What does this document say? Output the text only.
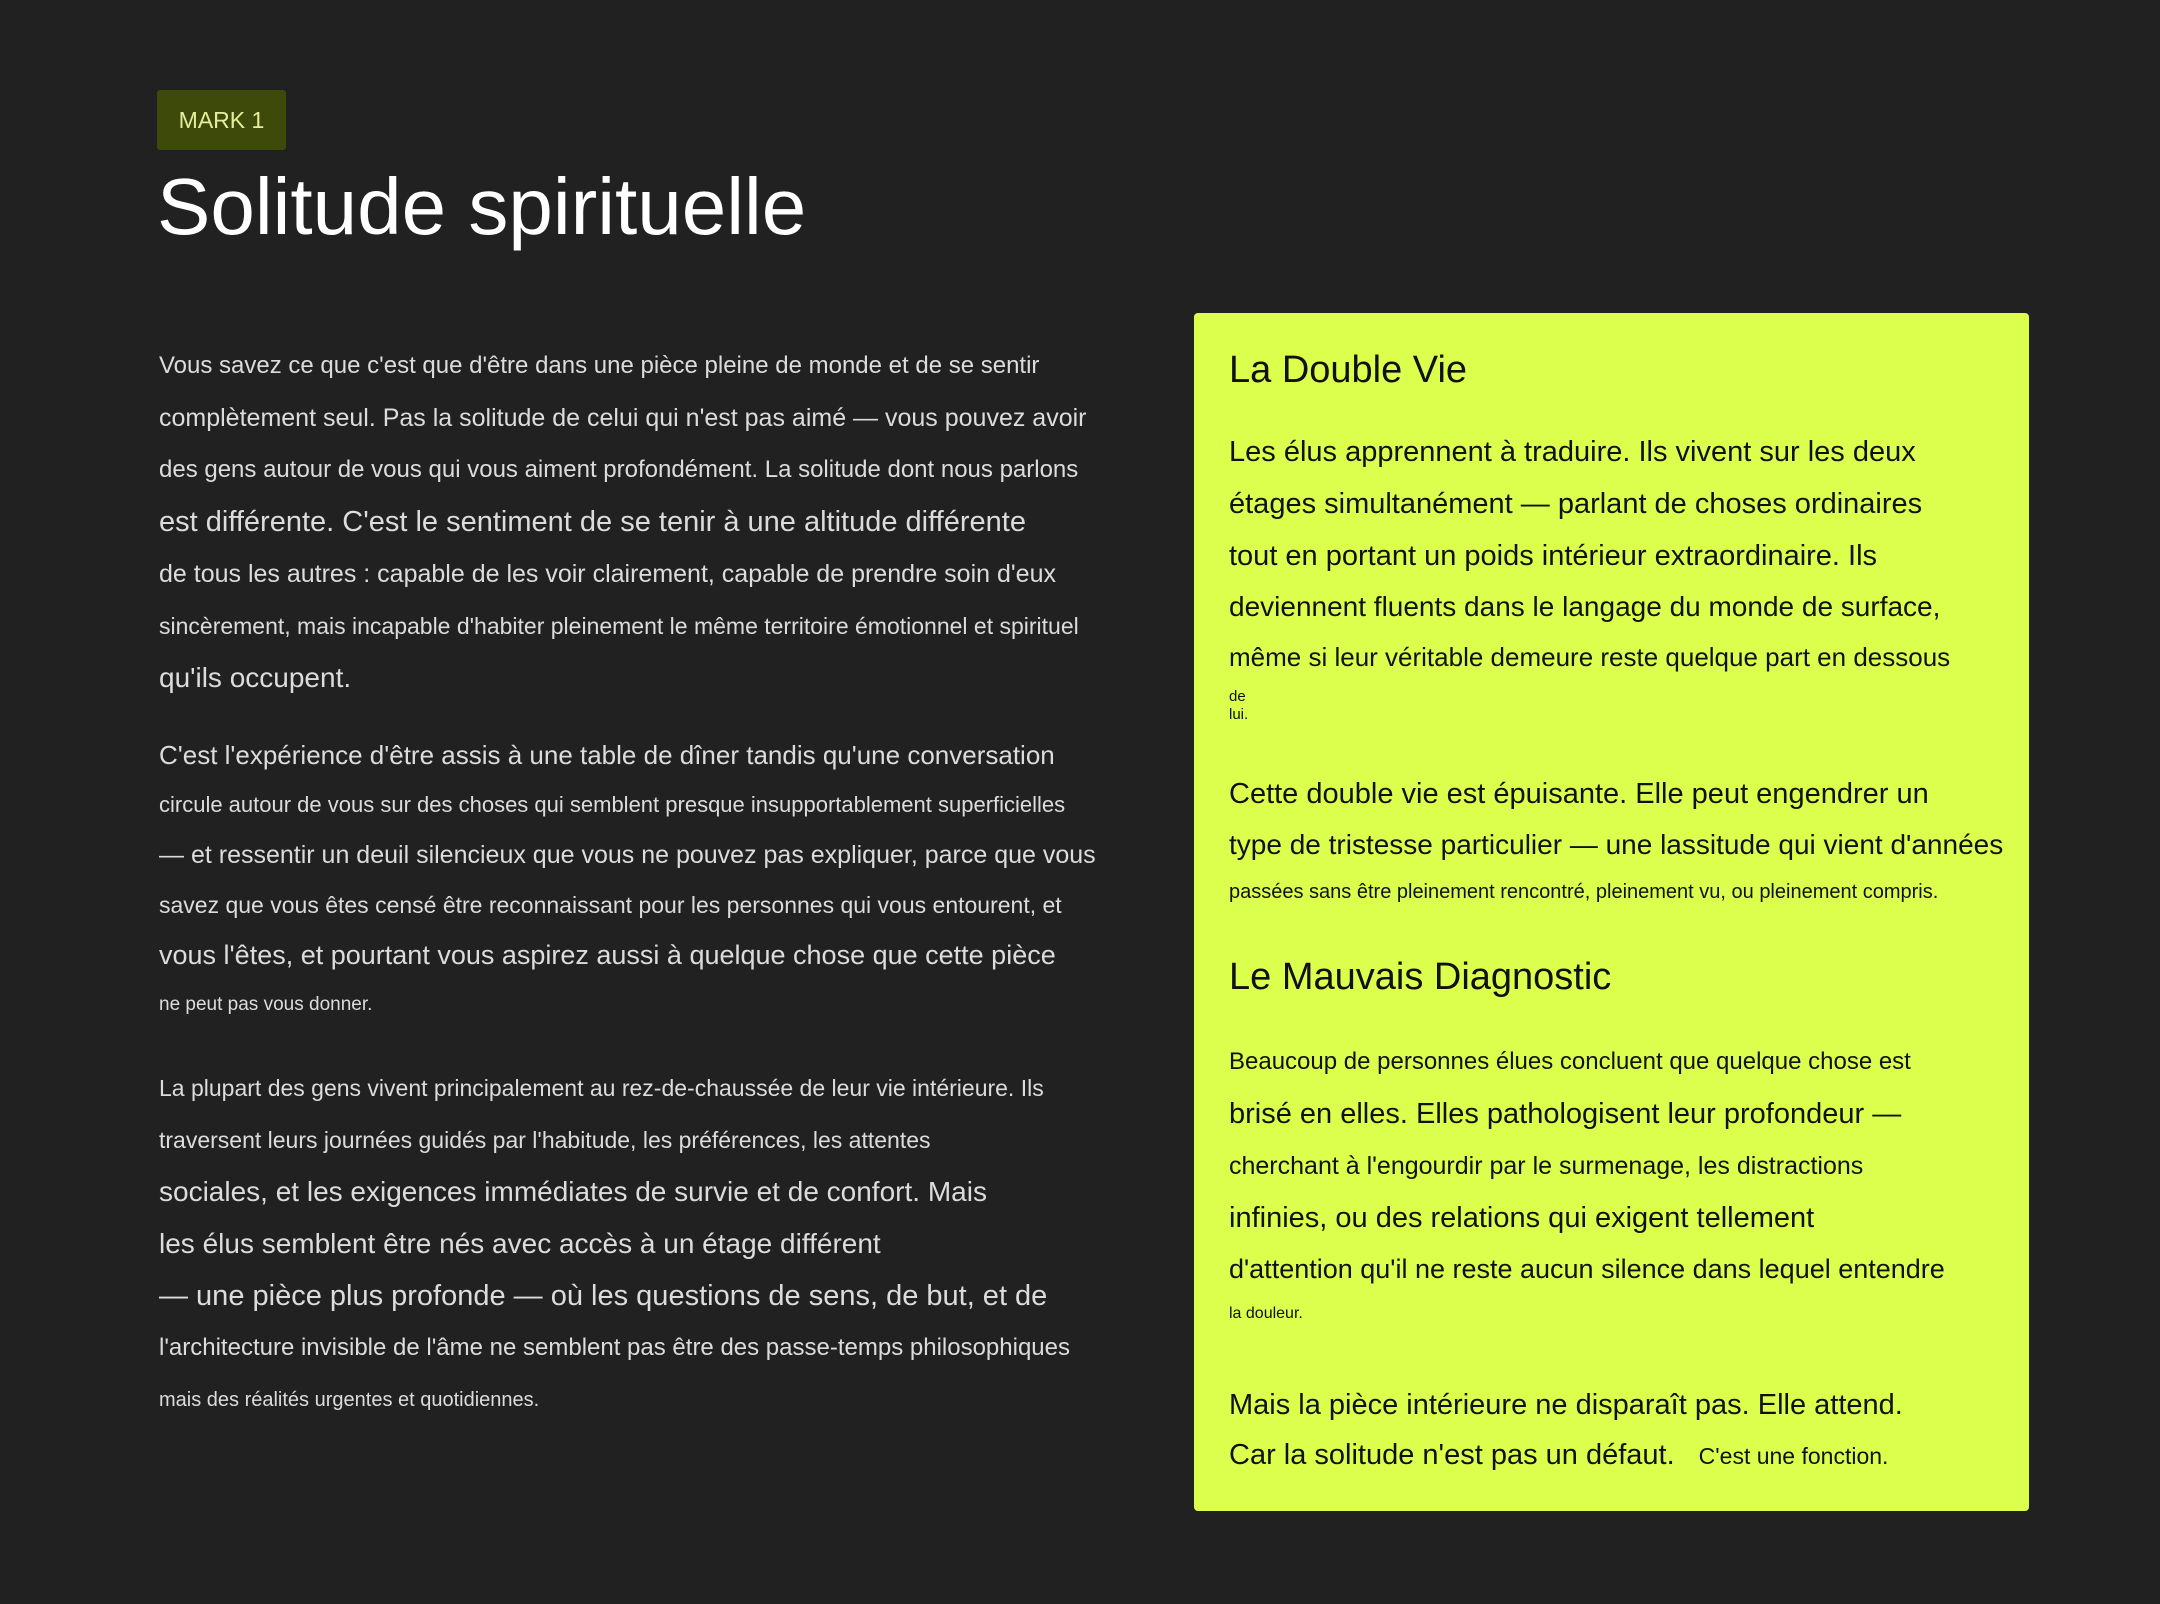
MARK 1
Solitude spirituelle

Vous savez ce que c'est que d'être dans une pièce pleine de monde et de se sentir
complètement seul. Pas la solitude de celui qui n'est pas aimé — vous pouvez avoir
des gens autour de vous qui vous aiment profondément. La solitude dont nous parlons
est différente. C'est le sentiment de se tenir à une altitude différente
de tous les autres : capable de les voir clairement, capable de prendre soin d'eux
sincèrement, mais incapable d'habiter pleinement le même territoire émotionnel et spirituel
qu'ils occupent.

C'est l'expérience d'être assis à une table de dîner tandis qu'une conversation
circule autour de vous sur des choses qui semblent presque insupportablement superficielles
— et ressentir un deuil silencieux que vous ne pouvez pas expliquer, parce que vous
savez que vous êtes censé être reconnaissant pour les personnes qui vous entourent, et
vous l'êtes, et pourtant vous aspirez aussi à quelque chose que cette pièce
ne peut pas vous donner.

La plupart des gens vivent principalement au rez-de-chaussée de leur vie intérieure. Ils
traversent leurs journées guidés par l'habitude, les préférences, les attentes
sociales, et les exigences immédiates de survie et de confort. Mais
les élus semblent être nés avec accès à un étage différent
— une pièce plus profonde — où les questions de sens, de but, et de
l'architecture invisible de l'âme ne semblent pas être des passe-temps philosophiques
mais des réalités urgentes et quotidiennes.

La Double Vie

Les élus apprennent à traduire. Ils vivent sur les deux
étages simultanément — parlant de choses ordinaires
tout en portant un poids intérieur extraordinaire. Ils
deviennent fluents dans le langage du monde de surface,
même si leur véritable demeure reste quelque part en dessous
de
lui.

Cette double vie est épuisante. Elle peut engendrer un
type de tristesse particulier — une lassitude qui vient d'années
passées sans être pleinement rencontré, pleinement vu, ou pleinement compris.

Le Mauvais Diagnostic

Beaucoup de personnes élues concluent que quelque chose est
brisé en elles. Elles pathologisent leur profondeur —
cherchant à l'engourdir par le surmenage, les distractions
infinies, ou des relations qui exigent tellement
d'attention qu'il ne reste aucun silence dans lequel entendre
la douleur.

Mais la pièce intérieure ne disparaît pas. Elle attend.
Car la solitude n'est pas un défaut. C'est une fonction.
